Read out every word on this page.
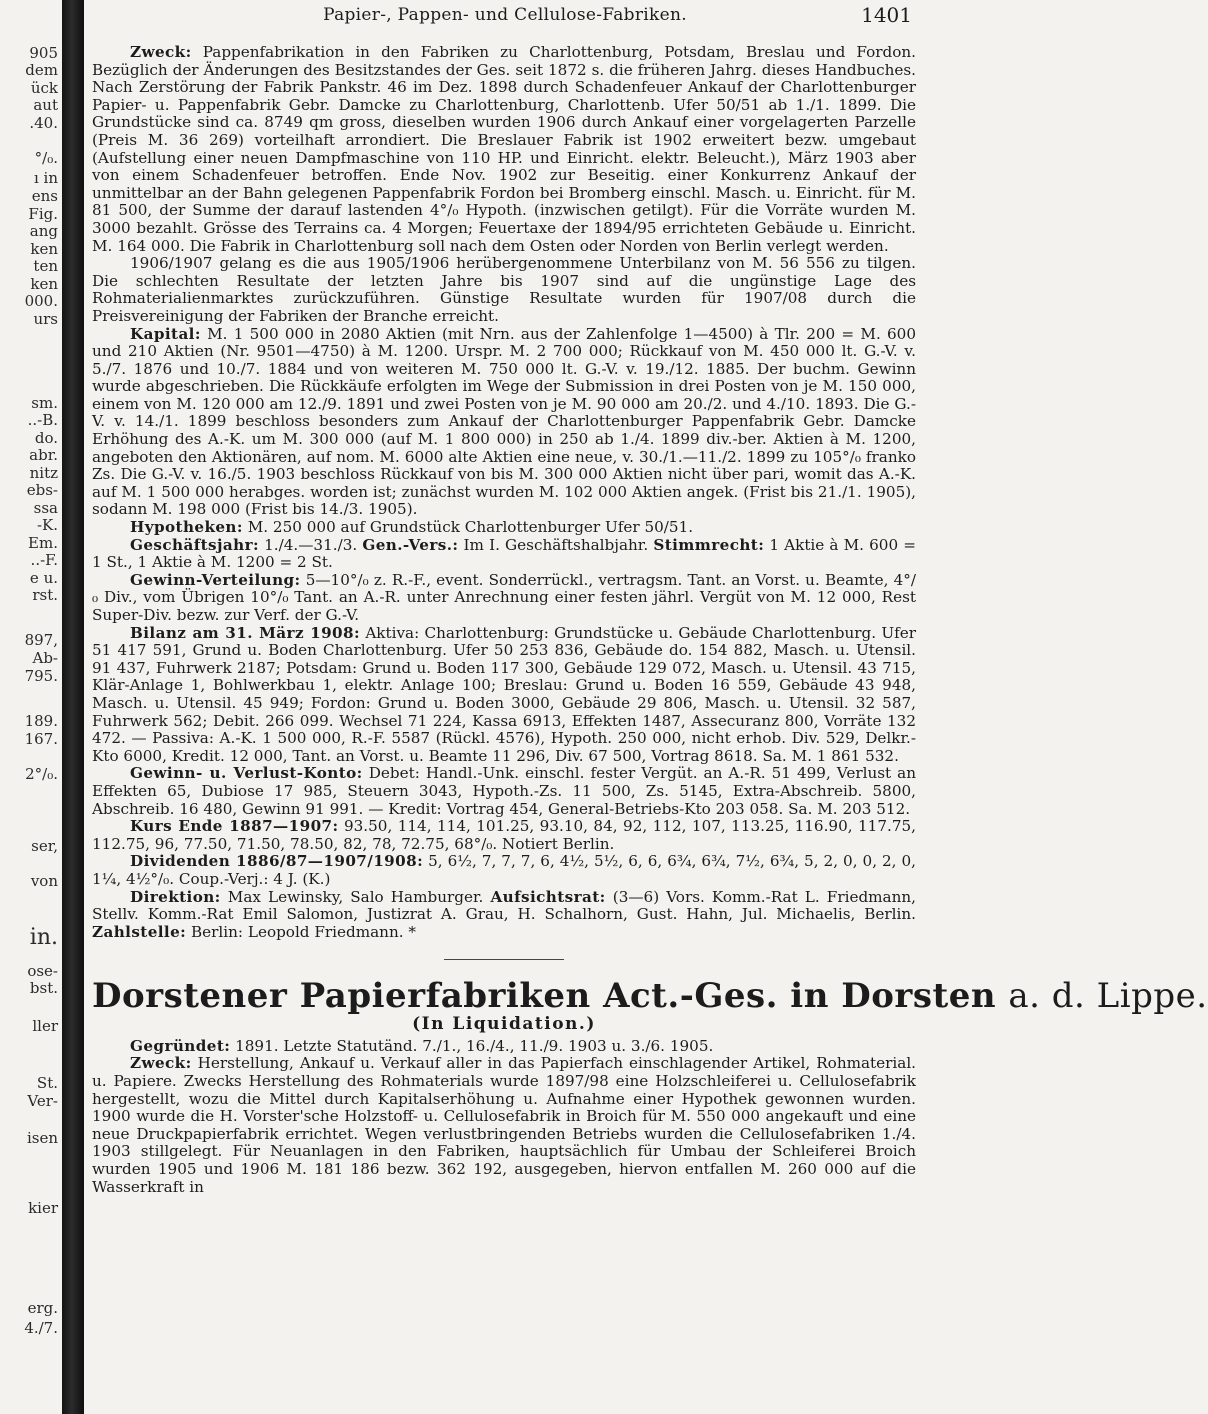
905
dem
ück
aut
.40.
°/₀.
ı in
ens
Fig.
ang
ken
ten
ken
000.
urs
sm.
..-B.
do.
abr.
nitz
ebs-
ssa
-K.
Em.
..-F.
e u.
rst.
897,
Ab-
795.
189.
167.
2°/₀.
ser,
von
in.
ose-
bst.
ller
St.
Ver-
isen
kier
erg.
4./7.
Papier-, Pappen- und Cellulose-Fabriken.	1401

Zweck: Pappenfabrikation in den Fabriken zu Charlottenburg, Potsdam, Breslau und Fordon. Bezüglich der Änderungen des Besitzstandes der Ges. seit 1872 s. die früheren Jahrg. dieses Handbuches. Nach Zerstörung der Fabrik Pankstr. 46 im Dez. 1898 durch Schadenfeuer Ankauf der Charlottenburger Papier- u. Pappenfabrik Gebr. Damcke zu Charlottenburg, Charlottenb. Ufer 50/51 ab 1./1. 1899. Die Grundstücke sind ca. 8749 qm gross, dieselben wurden 1906 durch Ankauf einer vorgelagerten Parzelle (Preis M. 36 269) vorteilhaft arrondiert. Die Breslauer Fabrik ist 1902 erweitert bezw. umgebaut (Aufstellung einer neuen Dampfmaschine von 110 HP. und Einricht. elektr. Beleucht.), März 1903 aber von einem Schadenfeuer betroffen. Ende Nov. 1902 zur Beseitig. einer Konkurrenz Ankauf der unmittelbar an der Bahn gelegenen Pappenfabrik Fordon bei Bromberg einschl. Masch. u. Einricht. für M. 81 500, der Summe der darauf lastenden 4°/₀ Hypoth. (inzwischen getilgt). Für die Vorräte wurden M. 3000 bezahlt. Grösse des Terrains ca. 4 Morgen; Feuertaxe der 1894/95 errichteten Gebäude u. Einricht. M. 164 000. Die Fabrik in Charlottenburg soll nach dem Osten oder Norden von Berlin verlegt werden.

1906/1907 gelang es die aus 1905/1906 herübergenommene Unterbilanz von M. 56 556 zu tilgen. Die schlechten Resultate der letzten Jahre bis 1907 sind auf die ungünstige Lage des Rohmaterialienmarktes zurückzuführen. Günstige Resultate wurden für 1907/08 durch die Preisvereinigung der Fabriken der Branche erreicht.

Kapital: M. 1 500 000 in 2080 Aktien (mit Nrn. aus der Zahlenfolge 1—4500) à Tlr. 200 = M. 600 und 210 Aktien (Nr. 9501—4750) à M. 1200. Urspr. M. 2 700 000; Rückkauf von M. 450 000 lt. G.-V. v. 5./7. 1876 und 10./7. 1884 und von weiteren M. 750 000 lt. G.-V. v. 19./12. 1885. Der buchm. Gewinn wurde abgeschrieben. Die Rückkäufe erfolgten im Wege der Submission in drei Posten von je M. 150 000, einem von M. 120 000 am 12./9. 1891 und zwei Posten von je M. 90 000 am 20./2. und 4./10. 1893. Die G.-V. v. 14./1. 1899 beschloss besonders zum Ankauf der Charlottenburger Pappenfabrik Gebr. Damcke Erhöhung des A.-K. um M. 300 000 (auf M. 1 800 000) in 250 ab 1./4. 1899 div.-ber. Aktien à M. 1200, angeboten den Aktionären, auf nom. M. 6000 alte Aktien eine neue, v. 30./1.—11./2. 1899 zu 105°/₀ franko Zs. Die G.-V. v. 16./5. 1903 beschloss Rückkauf von bis M. 300 000 Aktien nicht über pari, womit das A.-K. auf M. 1 500 000 herabges. worden ist; zunächst wurden M. 102 000 Aktien angek. (Frist bis 21./1. 1905), sodann M. 198 000 (Frist bis 14./3. 1905).

Hypotheken: M. 250 000 auf Grundstück Charlottenburger Ufer 50/51.

Geschäftsjahr: 1./4.—31./3. Gen.-Vers.: Im I. Geschäftshalbjahr. Stimmrecht: 1 Aktie à M. 600 = 1 St., 1 Aktie à M. 1200 = 2 St.

Gewinn-Verteilung: 5—10°/₀ z. R.-F., event. Sonderrückl., vertragsm. Tant. an Vorst. u. Beamte, 4°/₀ Div., vom Übrigen 10°/₀ Tant. an A.-R. unter Anrechnung einer festen jährl. Vergüt von M. 12 000, Rest Super-Div. bezw. zur Verf. der G.-V.

Bilanz am 31. März 1908: Aktiva: Charlottenburg: Grundstücke u. Gebäude Charlottenburg. Ufer 51 417 591, Grund u. Boden Charlottenburg. Ufer 50 253 836, Gebäude do. 154 882, Masch. u. Utensil. 91 437, Fuhrwerk 2187; Potsdam: Grund u. Boden 117 300, Gebäude 129 072, Masch. u. Utensil. 43 715, Klär-Anlage 1, Bohlwerkbau 1, elektr. Anlage 100; Breslau: Grund u. Boden 16 559, Gebäude 43 948, Masch. u. Utensil. 45 949; Fordon: Grund u. Boden 3000, Gebäude 29 806, Masch. u. Utensil. 32 587, Fuhrwerk 562; Debit. 266 099. Wechsel 71 224, Kassa 6913, Effekten 1487, Assecuranz 800, Vorräte 132 472. — Passiva: A.-K. 1 500 000, R.-F. 5587 (Rückl. 4576), Hypoth. 250 000, nicht erhob. Div. 529, Delkr.-Kto 6000, Kredit. 12 000, Tant. an Vorst. u. Beamte 11 296, Div. 67 500, Vortrag 8618. Sa. M. 1 861 532.

Gewinn- u. Verlust-Konto: Debet: Handl.-Unk. einschl. fester Vergüt. an A.-R. 51 499, Verlust an Effekten 65, Dubiose 17 985, Steuern 3043, Hypoth.-Zs. 11 500, Zs. 5145, Extra-Abschreib. 5800, Abschreib. 16 480, Gewinn 91 991. — Kredit: Vortrag 454, General-Betriebs-Kto 203 058. Sa. M. 203 512.

Kurs Ende 1887—1907: 93.50, 114, 114, 101.25, 93.10, 84, 92, 112, 107, 113.25, 116.90, 117.75, 112.75, 96, 77.50, 71.50, 78.50, 82, 78, 72.75, 68°/₀. Notiert Berlin.

Dividenden 1886/87—1907/1908: 5, 6½, 7, 7, 7, 6, 4½, 5½, 6, 6, 6¾, 6¾, 7½, 6¾, 5, 2, 0, 0, 2, 0, 1¼, 4½°/₀. Coup.-Verj.: 4 J. (K.)

Direktion: Max Lewinsky, Salo Hamburger. Aufsichtsrat: (3—6) Vors. Komm.-Rat L. Friedmann, Stellv. Komm.-Rat Emil Salomon, Justizrat A. Grau, H. Schalhorn, Gust. Hahn, Jul. Michaelis, Berlin. Zahlstelle: Berlin: Leopold Friedmann. *

Dorstener Papierfabriken Act.-Ges. in Dorsten a. d. Lippe.
(In Liquidation.)

Gegründet: 1891. Letzte Statutänd. 7./1., 16./4., 11./9. 1903 u. 3./6. 1905.

Zweck: Herstellung, Ankauf u. Verkauf aller in das Papierfach einschlagender Artikel, Rohmaterial. u. Papiere. Zwecks Herstellung des Rohmaterials wurde 1897/98 eine Holzschleiferei u. Cellulosefabrik hergestellt, wozu die Mittel durch Kapitalserhöhung u. Aufnahme einer Hypothek gewonnen wurden. 1900 wurde die H. Vorster'sche Holzstoff- u. Cellulosefabrik in Broich für M. 550 000 angekauft und eine neue Druckpapierfabrik errichtet. Wegen verlustbringenden Betriebs wurden die Cellulosefabriken 1./4. 1903 stillgelegt. Für Neuanlagen in den Fabriken, hauptsächlich für Umbau der Schleiferei Broich wurden 1905 und 1906 M. 181 186 bezw. 362 192, ausgegeben, hiervon entfallen M. 260 000 auf die Wasserkraft in
